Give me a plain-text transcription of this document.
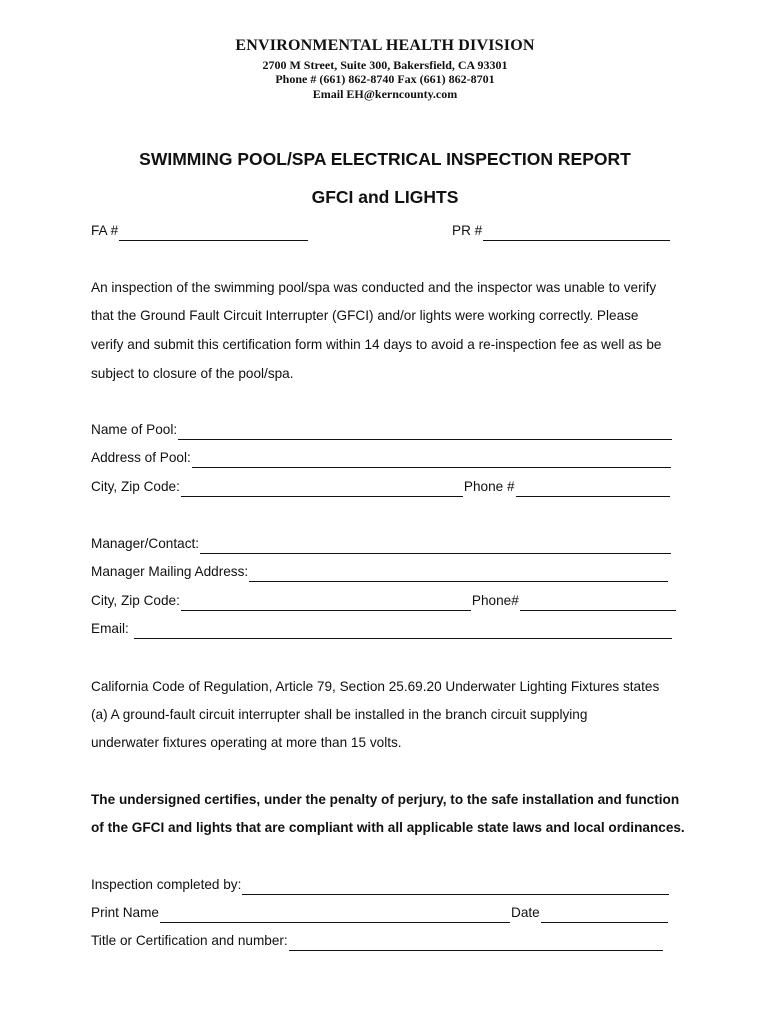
ENVIRONMENTAL HEALTH DIVISION
2700 M Street, Suite 300, Bakersfield, CA 93301
Phone # (661) 862-8740 Fax (661) 862-8701
Email EH@kerncounty.com
SWIMMING POOL/SPA ELECTRICAL INSPECTION REPORT
GFCI and LIGHTS
FA #	PR #
An inspection of the swimming pool/spa was conducted and the inspector was unable to verify
that the Ground Fault Circuit Interrupter (GFCI) and/or lights were working correctly. Please
verify and submit this certification form within 14 days to avoid a re-inspection fee as well as be
subject to closure of the pool/spa.
Name of Pool:
Address of Pool:
City, Zip Code:	Phone #
Manager/Contact:
Manager Mailing Address:
City, Zip Code:	Phone#
Email:
California Code of Regulation, Article 79, Section 25.69.20 Underwater Lighting Fixtures states
(a) A ground-fault circuit interrupter shall be installed in the branch circuit supplying
underwater fixtures operating at more than 15 volts.
The undersigned certifies, under the penalty of perjury, to the safe installation and function
of the GFCI and lights that are compliant with all applicable state laws and local ordinances.
Inspection completed by:
Print Name	Date
Title or Certification and number:
